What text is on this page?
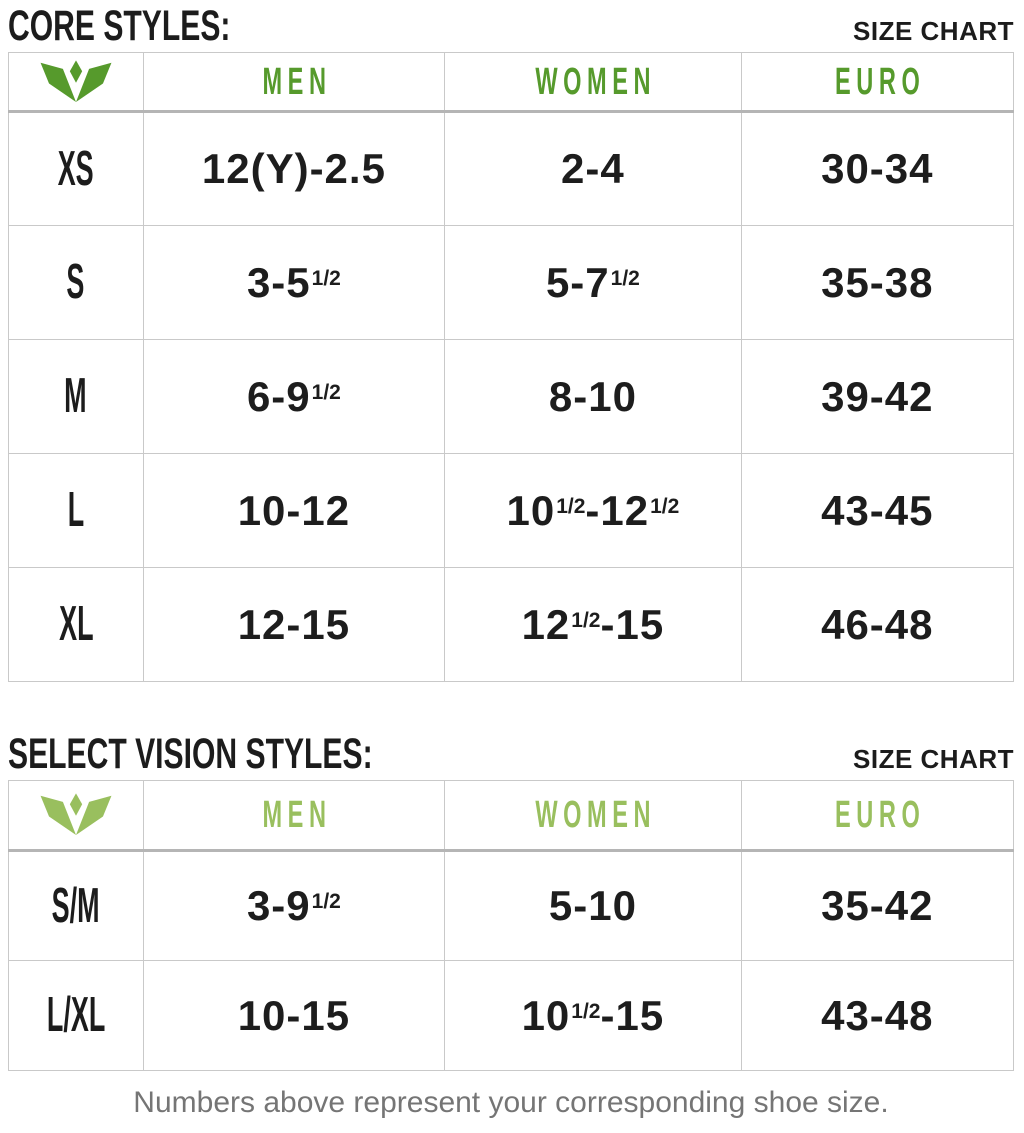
CORE STYLES:	SIZE CHART
	MEN	WOMEN	EURO
XS	12(Y)-2.5	2-4	30-34
S	$3-5^{1/2}$	$5-7^{1/2}$	35-38
M	$6-9^{1/2}$	8-10	39-42
L	10-12	$10^{1/2}-12^{1/2}$	43-45
XL	12-15	$12^{1/2}-15$	46-48
SELECT VISION STYLES:	SIZE CHART
	MEN	WOMEN	EURO
S/M	$3-9^{1/2}$	5-10	35-42
L/XL	10-15	$10^{1/2}-15$	43-48
Numbers above represent your corresponding shoe size.
